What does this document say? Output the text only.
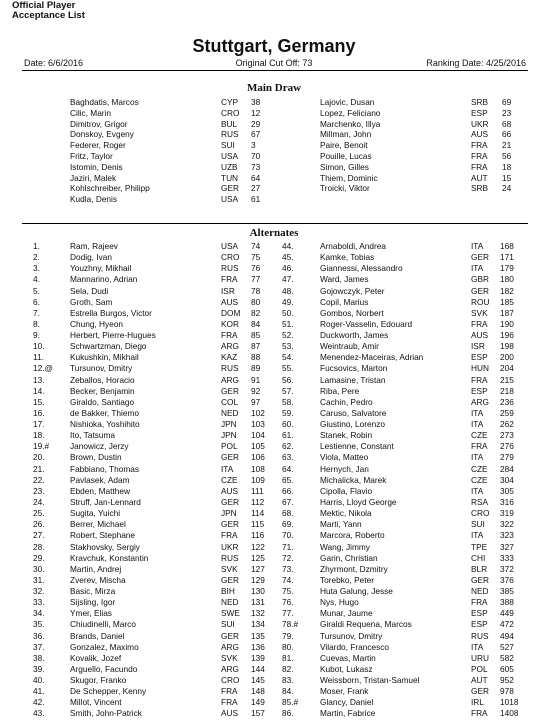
Official Player
Acceptance List
Stuttgart, Germany
Date: 6/6/2016	Original Cut Off: 73	Ranking Date: 4/25/2016
Main Draw
Baghdatis, Marcos	CYP 38	Lajovic, Dusan	SRB 69
Cilic, Marin	CRO 12	Lopez, Feliciano	ESP 23
Dimitrov, Grigor	BUL 29	Marchenko, Illya	UKR 68
Donskoy, Evgeny	RUS 67	Millman, John	AUS 66
Federer, Roger	SUI 3	Paire, Benoit	FRA 21
Fritz, Taylor	USA 70	Pouille, Lucas	FRA 56
Istomin, Denis	UZB 73	Simon, Gilles	FRA 18
Jaziri, Malek	TUN 64	Thiem, Dominic	AUT 15
Kohlschreiber, Philipp	GER 27	Troicki, Viktor	SRB 24
Kudla, Denis	USA 61
Alternates
1.	Ram, Rajeev	USA 74	44.	Arnaboldi, Andrea	ITA 168
2.	Dodig, Ivan	CRO 75	45.	Kamke, Tobias	GER 171
3.	Youzhny, Mikhail	RUS 76	46.	Giannessi, Alessandro	ITA 179
4.	Mannarino, Adrian	FRA 77	47.	Ward, James	GBR 180
5.	Sela, Dudi	ISR 78	48.	Gojowczyk, Peter	GER 182
6.	Groth, Sam	AUS 80	49.	Copil, Marius	ROU 185
7.	Estrella Burgos, Victor	DOM 82	50.	Gombos, Norbert	SVK 187
8.	Chung, Hyeon	KOR 84	51.	Roger-Vasselin, Edouard	FRA 190
9.	Herbert, Pierre-Hugues	FRA 85	52.	Duckworth, James	AUS 196
10.	Schwartzman, Diego	ARG 87	53.	Weintraub, Amir	ISR 198
11.	Kukushkin, Mikhail	KAZ 88	54.	Menendez-Maceiras, Adrian	ESP 200
12.@ Tursunov, Dmitry	RUS 89	55.	Fucsovics, Marton	HUN 204
13.	Zeballos, Horacio	ARG 91	56.	Lamasine, Tristan	FRA 215
14.	Becker, Benjamin	GER 92	57.	Riba, Pere	ESP 218
15.	Giraldo, Santiago	COL 97	58.	Cachin, Pedro	ARG 236
16.	de Bakker, Thiemo	NED 102 59.	Caruso, Salvatore	ITA 259
17.	Nishioka, Yoshihito	JPN 103 60.	Giustino, Lorenzo	ITA 262
18.	Ito, Tatsuma	JPN 104 61.	Stanek, Robin	CZE 273
19.#	Janowicz, Jerzy	POL 105 62.	Lestienne, Constant	FRA 276
20.	Brown, Dustin	GER 106 63.	Viola, Matteo	ITA 279
21.	Fabbiano, Thomas	ITA 108 64.	Hernych, Jan	CZE 284
22.	Pavlasek, Adam	CZE 109 65.	Michalicka, Marek	CZE 304
23.	Ebden, Matthew	AUS 111 66.	Cipolla, Flavio	ITA 305
24.	Struff, Jan-Lennard	GER 112 67.	Harris, Lloyd George	RSA 316
25.	Sugita, Yuichi	JPN 114 68.	Mektic, Nikola	CRO 319
26.	Berrer, Michael	GER 115 69.	Marti, Yann	SUI 322
27.	Robert, Stephane	FRA 116 70.	Marcora, Roberto	ITA 323
28.	Stakhovsky, Sergiy	UKR 122 71.	Wang, Jimmy	TPE 327
29.	Kravchuk, Konstantin	RUS 125 72.	Garin, Christian	CHI 333
30.	Martin, Andrej	SVK 127 73.	Zhyrmont, Dzmitry	BLR 372
31.	Zverev, Mischa	GER 129 74.	Torebko, Peter	GER 376
32.	Basic, Mirza	BIH 130 75.	Huta Galung, Jesse	NED 385
33.	Sijsling, Igor	NED 131 76.	Nys, Hugo	FRA 388
34.	Ymer, Elias	SWE 132 77.	Munar, Jaume	ESP 449
35.	Chiudinelli, Marco	SUI 134 78.#	Giraldi Requena, Marcos	ESP 472
36.	Brands, Daniel	GER 135 79.	Tursunov, Dmitry	RUS 494
37.	Gonzalez, Maximo	ARG 136 80.	Vilardo, Francesco	ITA 527
38.	Kovalik, Jozef	SVK 139 81.	Cuevas, Martin	URU 582
39.	Arguello, Facundo	ARG 144 82.	Kubot, Lukasz	POL 605
40.	Skugor, Franko	CRO 145 83.	Weissborn, Tristan-Samuel	AUT 952
41.	De Schepper, Kenny	FRA 148 84.	Moser, Frank	GER 978
42.	Millot, Vincent	FRA 149 85.#	Glancy, Daniel	IRL 1018
43.	Smith, John-Patrick	AUS 157 86.	Martin, Fabrice	FRA 1408
